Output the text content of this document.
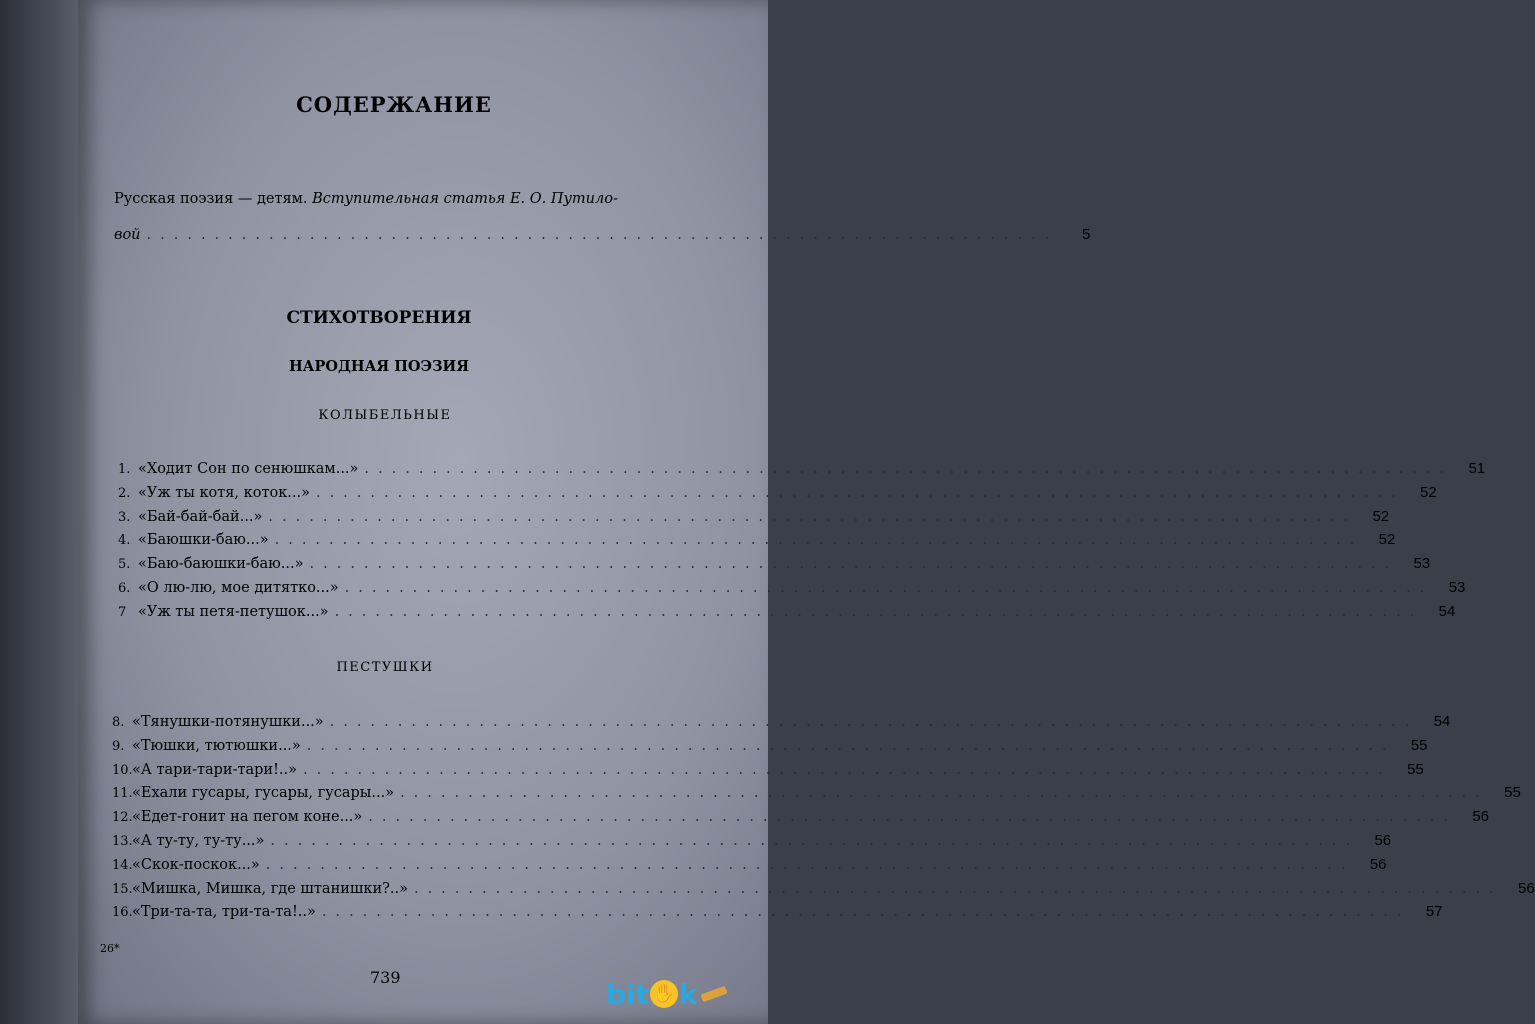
СОДЕРЖАНИЕ
Русская поэзия — детям. Вступительная статья Е. О. Путило-
вой ...................................................................	5
СТИХОТВОРЕНИЯ
НАРОДНАЯ ПОЭЗИЯ
КОЛЫБЕЛЬНЫЕ
1. «Ходит Сон по сенюшкам...» ................................................................................	51
2. «Уж ты котя, коток...» ................................................................................	52
3. «Бай-бай-бай...» ................................................................................	52
4. «Баюшки-баю...» ................................................................................	52
5. «Баю-баюшки-баю...» ................................................................................	53
6. «О лю-лю, мое дитятко...» ................................................................................	53
7 «Уж ты петя-петушок...» ................................................................................	54
ПЕСТУШКИ
8. «Тянушки-потянушки...» ................................................................................	54
9. «Тюшки, тютюшки...» ................................................................................	55
10. «А тари-тари-тари!..» ................................................................................	55
11. «Ехали гусары, гусары, гусары...» ................................................................................	55
12. «Едет-гонит на пегом коне...» ................................................................................	56
13. «А ту-ту, ту-ту...» ................................................................................	56
14. «Скок-поскок...» ................................................................................	56
15. «Мишка, Мишка, где штанишки?..» ................................................................................	56
16. «Три-та-та, три-та-та!..» ................................................................................	57
26*
739	bit ✋ k
